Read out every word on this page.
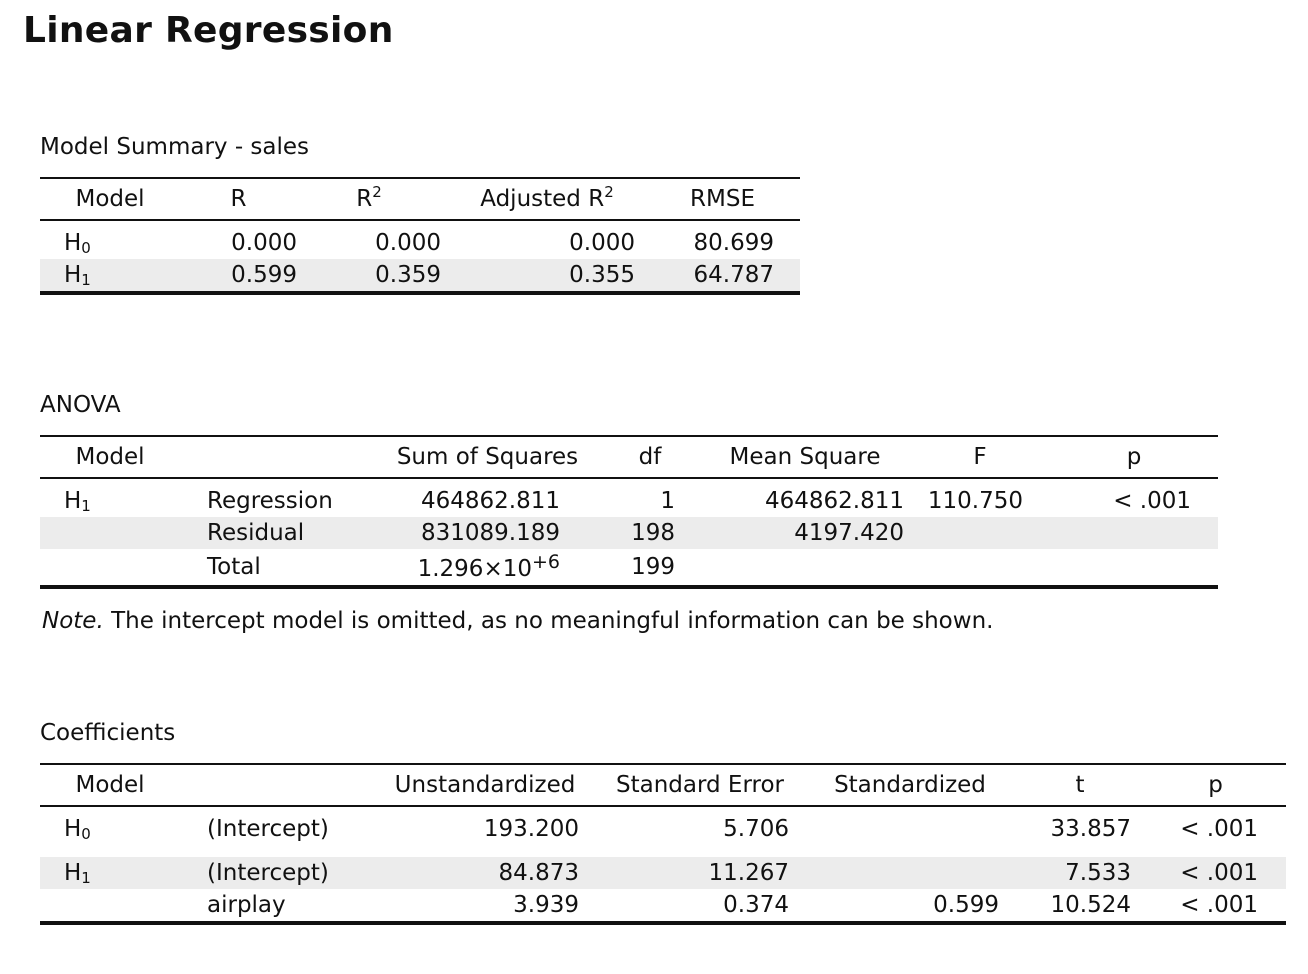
Linear Regression
Model Summary - sales
Model	R	$R^2$	Adjusted $R^2$	RMSE

$H_0$	0.000	0.000	0.000	80.699
$H_1$	0.599	0.359	0.355	64.787

ANOVA
Model		Sum of Squares	df	Mean Square	F	p

$H_1$	Regression	464862.811	1	464862.811	110.750	< .001
	Residual	831089.189	198	4197.420		
	Total	$1.296\times 10^{+6}$	199			

Note. The intercept model is omitted, as no meaningful information can be shown.
Coefficients
Model		Unstandardized	Standard Error	Standardized	t	p

$H_0$	(Intercept)	193.200	5.706		33.857	< .001

$H_1$	(Intercept)	84.873	11.267		7.533	< .001
	airplay	3.939	0.374	0.599	10.524	< .001
